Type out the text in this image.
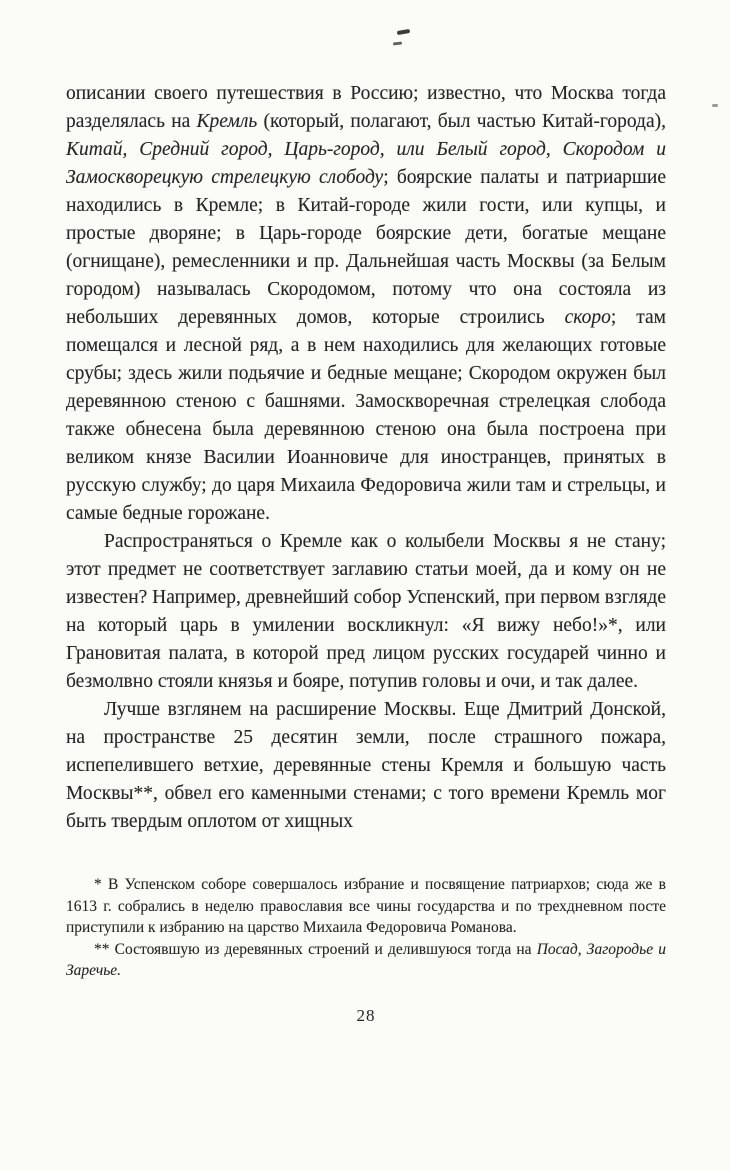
описании своего путешествия в Россию; известно, что Москва тогда разделялась на Кремль (который, полагают, был частью Китай-города), Китай, Средний город, Царь-город, или Белый город, Скородом и Замоскворецкую стрелецкую слободу; боярские палаты и патриаршие находились в Кремле; в Китай-городе жили гости, или купцы, и простые дворяне; в Царь-городе боярские дети, богатые мещане (огнищане), ремесленники и пр. Дальнейшая часть Москвы (за Белым городом) называлась Скородомом, потому что она состояла из небольших деревянных домов, которые строились скоро; там помещался и лесной ряд, а в нем находились для желающих готовые срубы; здесь жили подьячие и бедные мещане; Скородом окружен был деревянною стеною с башнями. Замоскворечная стрелецкая слобода также обнесена была деревянною стеною она была построена при великом князе Василии Иоанновиче для иностранцев, принятых в русскую службу; до царя Михаила Федоровича жили там и стрельцы, и самые бедные горожане.

Распространяться о Кремле как о колыбели Москвы я не стану; этот предмет не соответствует заглавию статьи моей, да и кому он не известен? Например, древнейший собор Успенский, при первом взгляде на который царь в умилении воскликнул: «Я вижу небо!»*, или Грановитая палата, в которой пред лицом русских государей чинно и безмолвно стояли князья и бояре, потупив головы и очи, и так далее.

Лучше взглянем на расширение Москвы. Еще Дмитрий Донской, на пространстве 25 десятин земли, после страшного пожара, испепелившего ветхие, деревянные стены Кремля и большую часть Москвы**, обвел его каменными стенами; с того времени Кремль мог быть твердым оплотом от хищных

* В Успенском соборе совершалось избрание и посвящение патриархов; сюда же в 1613 г. собрались в неделю православия все чины государства и по трехдневном посте приступили к избранию на царство Михаила Федоровича Романова.

** Состоявшую из деревянных строений и делившуюся тогда на Посад, Загородье и Заречье.

28
